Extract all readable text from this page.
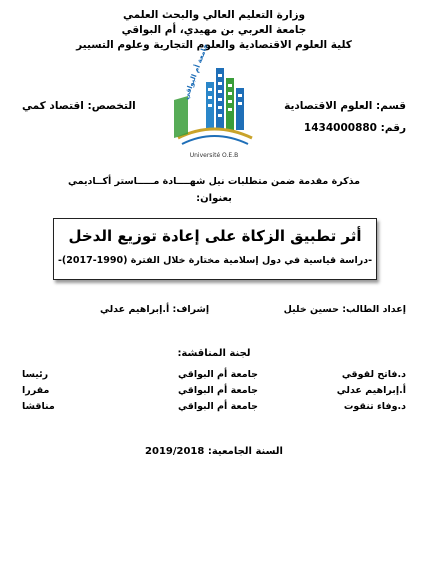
وزارة التعليم العالي والبحث العلمي
جامعة العربي بن مهيدي، أم البواقي
كلية العلوم الاقتصادية والعلوم التجارية وعلوم التسيير
جامعة أم البواقي
Université O.E.B
قسم: العلوم الاقتصادية
التخصص: اقتصاد كمي
رقم: 1434000880
مذكرة مقدمة ضمن متطلبات نيل شهــــادة مـــــاستر أكــاديمي
بعنوان:
أثر تطبيق الزكاة على إعادة توزيع الدخل
-دراسة قياسية في دول إسلامية مختارة خلال الفترة (1990-2017)-
إعداد الطالب: حسين خليل
إشراف: أ.إبراهيم عدلي
لجنة المناقشة:
د.فاتح لقوقي
جامعة أم البواقي
رئيسا
أ.إبراهيم عدلي
جامعة أم البواقي
مقررا
د.وفاء تنقوت
جامعة أم البواقي
مناقشا
السنة الجامعية: 2019/2018
